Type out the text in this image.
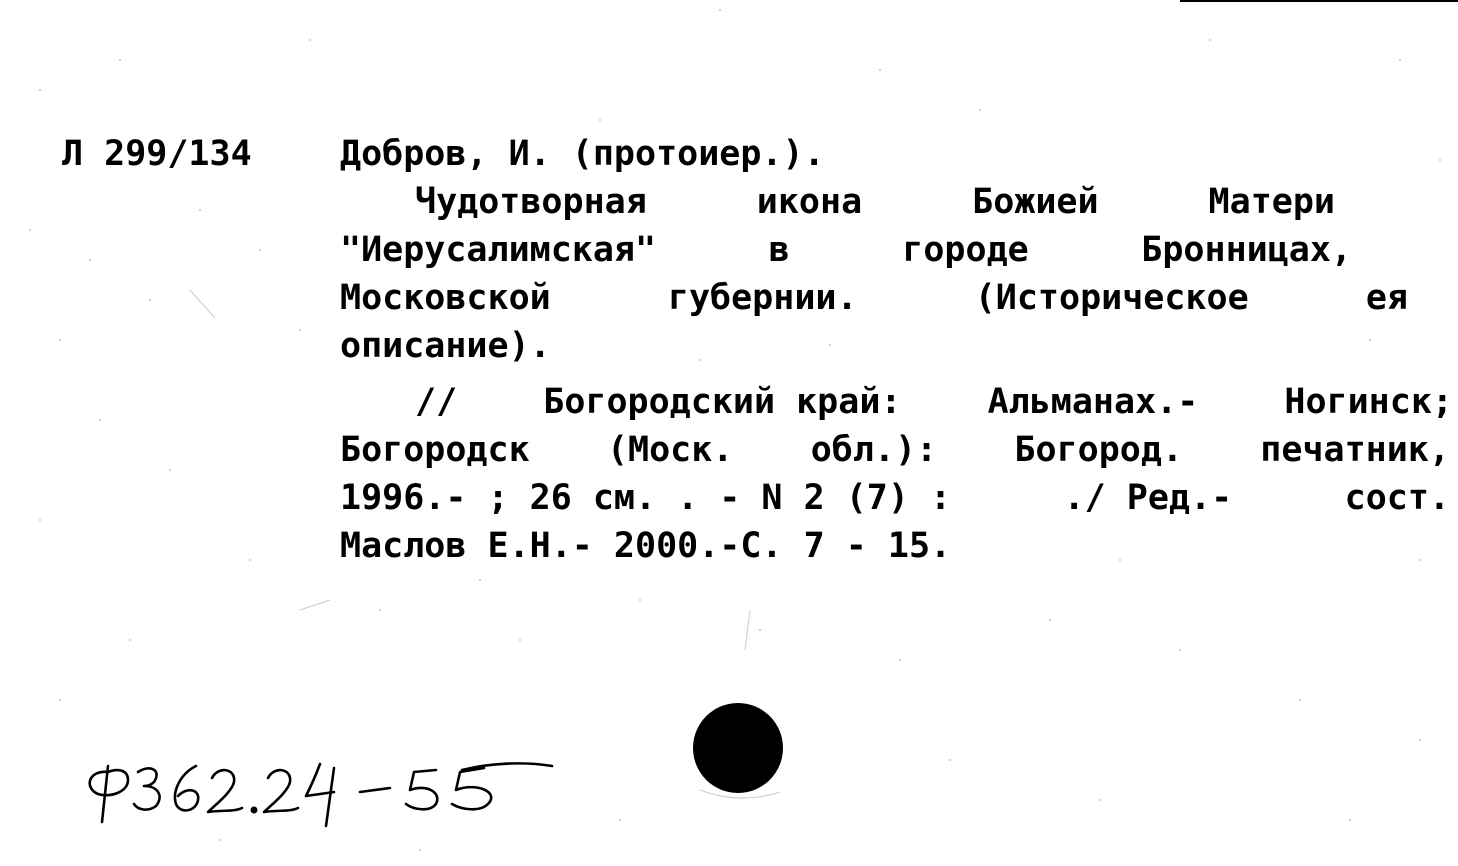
Л 299/134	Добров, И. (протоиер.).
Чудотворная	икона	Божией	Матери
"Иерусалимская"	в	городе	Бронницах,
Московской	губернии.	(Историческое	ея
описание).
// Богородский край: Альманах.- Ногинск;
Богородск (Моск. обл.): Богород. печатник,
1996.- ; 26 см. . - N 2 (7) :	./ Ред.-	сост.
Маслов Е.Н.- 2000.-С. 7 - 15.
